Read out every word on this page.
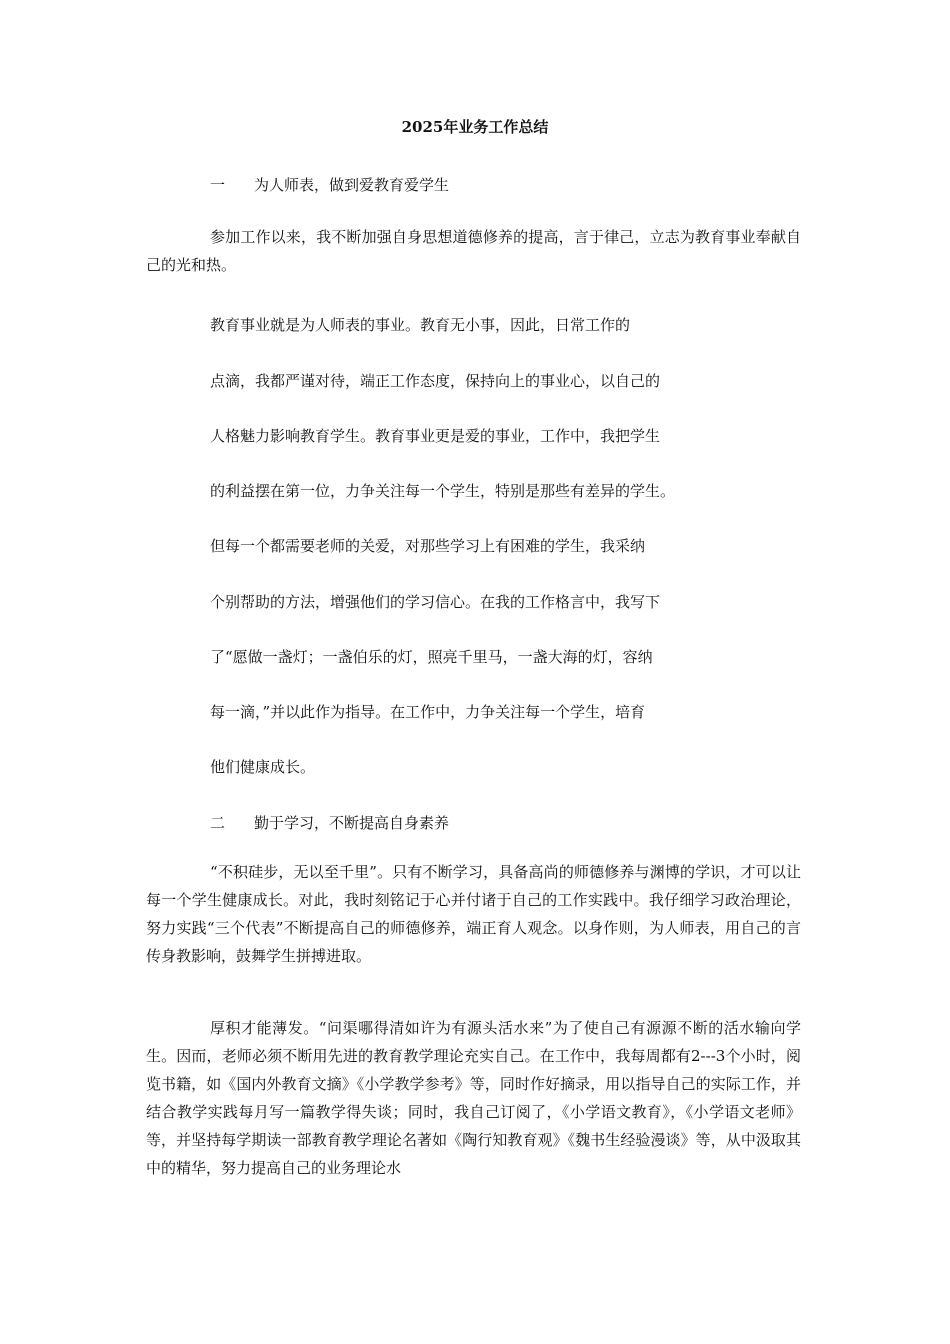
2025年业务工作总结
一 为人师表，做到爱教育爱学生

参加工作以来，我不断加强自身思想道德修养的提高，言于律己，立志为教育事业奉献自己的光和热。

教育事业就是为人师表的事业。教育无小事，因此，日常工作的
点滴，我都严谨对待，端正工作态度，保持向上的事业心，以自己的
人格魅力影响教育学生。教育事业更是爱的事业，工作中，我把学生
的利益摆在第一位，力争关注每一个学生，特别是那些有差异的学生。
但每一个都需要老师的关爱，对那些学习上有困难的学生，我采纳
个别帮助的方法，增强他们的学习信心。在我的工作格言中，我写下
了“愿做一盏灯；一盏伯乐的灯，照亮千里马，一盏大海的灯，容纳
每一滴，”并以此作为指导。在工作中，力争关注每一个学生，培育
他们健康成长。
二 勤于学习，不断提高自身素养

“不积硅步，无以至千里”。只有不断学习，具备高尚的师德修养与渊博的学识，才可以让每一个学生健康成长。对此，我时刻铭记于心并付诸于自己的工作实践中。我仔细学习政治理论，努力实践“三个代表”不断提高自己的师德修养，端正育人观念。以身作则，为人师表，用自己的言传身教影响，鼓舞学生拼搏进取。

厚积才能薄发。“问渠哪得清如许为有源头活水来”为了使自己有源源不断的活水输向学生。因而，老师必须不断用先进的教育教学理论充实自己。在工作中，我每周都有2---3个小时，阅览书籍，如《国内外教育文摘》《小学教学参考》等，同时作好摘录，用以指导自己的实际工作，并结合教学实践每月写一篇教学得失谈；同时，我自己订阅了，《小学语文教育》，《小学语文老师》等，并坚持每学期读一部教育教学理论名著如《陶行知教育观》《魏书生经验漫谈》等，从中汲取其中的精华，努力提高自己的业务理论水
